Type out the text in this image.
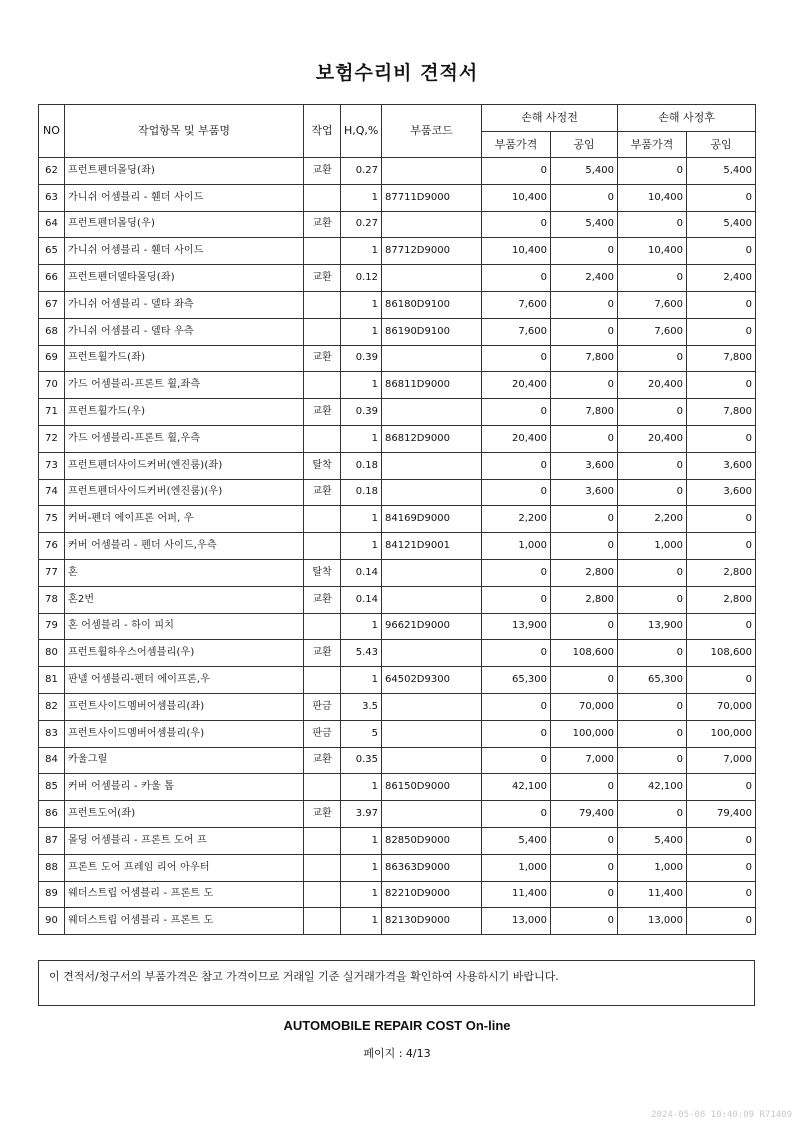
보험수리비 견적서
NO	작업항목 및 부품명	작업	H,Q,%	부품코드	손해 사정전		손해 사정후	
					부품가격	공임	부품가격	공임
62	프런트펜더몰딩(좌)	교환	0.27		0	5,400	0	5,400
63	가니쉬 어셈블리 - 휀더 사이드		1	87711D9000	10,400	0	10,400	0
64	프런트펜더몰딩(우)	교환	0.27		0	5,400	0	5,400
65	가니쉬 어셈블리 - 휀더 사이드		1	87712D9000	10,400	0	10,400	0
66	프런트펜더델타몰딩(좌)	교환	0.12		0	2,400	0	2,400
67	가니쉬 어셈블리 - 델타 좌측		1	86180D9100	7,600	0	7,600	0
68	가니쉬 어셈블리 - 델타 우측		1	86190D9100	7,600	0	7,600	0
69	프런트휠가드(좌)	교환	0.39		0	7,800	0	7,800
70	가드 어셈블리-프론트 휠,좌측		1	86811D9000	20,400	0	20,400	0
71	프런트휠가드(우)	교환	0.39		0	7,800	0	7,800
72	가드 어셈블리-프론트 휠,우측		1	86812D9000	20,400	0	20,400	0
73	프런트펜더사이드커버(엔진룸)(좌)	탈착	0.18		0	3,600	0	3,600
74	프런트펜더사이드커버(엔진룸)(우)	교환	0.18		0	3,600	0	3,600
75	커버-펜더 에이프론 어퍼, 우		1	84169D9000	2,200	0	2,200	0
76	커버 어셈블리 - 펜더 사이드,우측		1	84121D9001	1,000	0	1,000	0
77	혼	탈착	0.14		0	2,800	0	2,800
78	혼2번	교환	0.14		0	2,800	0	2,800
79	혼 어셈블리 - 하이 피치		1	96621D9000	13,900	0	13,900	0
80	프런트휠하우스어셈블리(우)	교환	5.43		0	108,600	0	108,600
81	판넬 어셈블리-펜더 에이프론,우		1	64502D9300	65,300	0	65,300	0
82	프런트사이드멤버어셈블리(좌)	판금	3.5		0	70,000	0	70,000
83	프런트사이드멤버어셈블리(우)	판금	5		0	100,000	0	100,000
84	카울그릴	교환	0.35		0	7,000	0	7,000
85	커버 어셈블리 - 카울 톱		1	86150D9000	42,100	0	42,100	0
86	프런트도어(좌)	교환	3.97		0	79,400	0	79,400
87	몰딩 어셈블리 - 프론트 도어 프		1	82850D9000	5,400	0	5,400	0
88	프론트 도어 프레임 리어 아우터		1	86363D9000	1,000	0	1,000	0
89	웨더스트립 어셈블리 - 프론트 도		1	82210D9000	11,400	0	11,400	0
90	웨더스트립 어셈블리 - 프론트 도		1	82130D9000	13,000	0	13,000	0
이 견적서/청구서의 부품가격은 참고 가격이므로 거래일 기준 실거래가격을 확인하여 사용하시기 바랍니다.
AUTOMOBILE REPAIR COST On-line
페이지 : 4/13
2024-05-08 10:40:09 R71409
